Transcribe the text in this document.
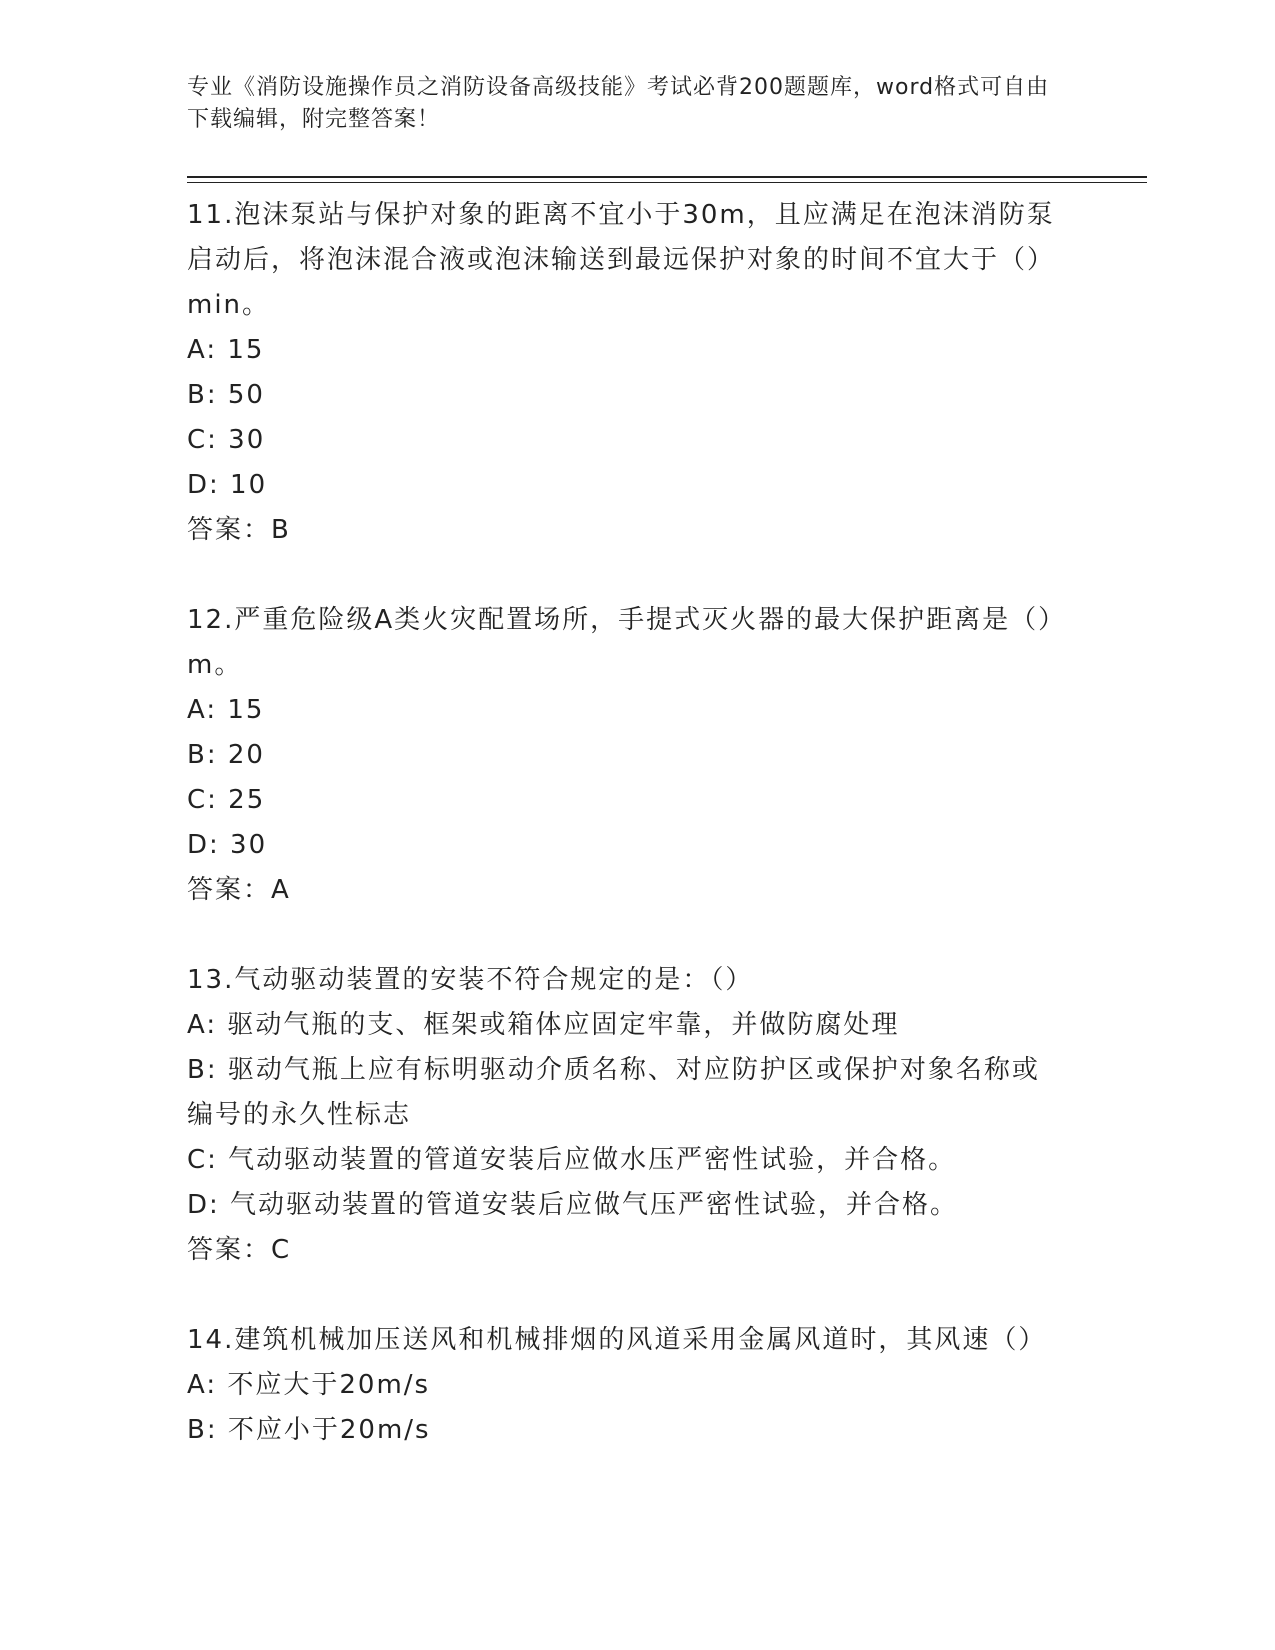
专业《消防设施操作员之消防设备高级技能》考试必背200题题库，word格式可自由下载编辑，附完整答案！
11.泡沫泵站与保护对象的距离不宜小于30m，且应满足在泡沫消防泵启动后，将泡沫混合液或泡沫输送到最远保护对象的时间不宜大于（）min。
A: 15
B: 50
C: 30
D: 10
答案：B
12.严重危险级A类火灾配置场所，手提式灭火器的最大保护距离是（）m。
A: 15
B: 20
C: 25
D: 30
答案：A
13.气动驱动装置的安装不符合规定的是：（）
A: 驱动气瓶的支、框架或箱体应固定牢靠，并做防腐处理
B: 驱动气瓶上应有标明驱动介质名称、对应防护区或保护对象名称或编号的永久性标志
C: 气动驱动装置的管道安装后应做水压严密性试验，并合格。
D: 气动驱动装置的管道安装后应做气压严密性试验，并合格。
答案：C
14.建筑机械加压送风和机械排烟的风道采用金属风道时，其风速（）
A: 不应大于20m/s
B: 不应小于20m/s
